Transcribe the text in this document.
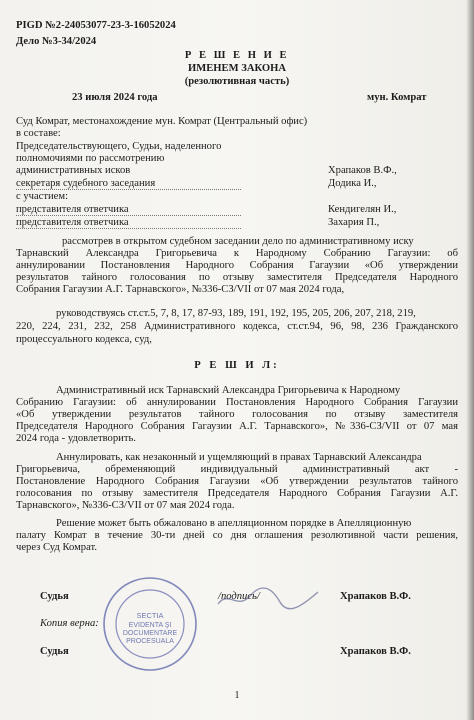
PIGD №2-24053077-23-3-16052024
Дело №3-34/2024
Р Е Ш Е Н И Е
ИМЕНЕМ ЗАКОНА
(резолютивная часть)
23 июля 2024 года	мун. Комрат
Суд Комрат, местонахождение мун. Комрат (Центральный офис)
в составе:
Председательствующего, Судьи, наделенного
полномочиями по рассмотрению
административных исков	Храпаков В.Ф.,
секретаря судебного заседания	Додика И.,
с участием:
представителя ответчика	Кендигелян И.,
представителя ответчика	Захария П.,
рассмотрев в открытом судебном заседании дело по административному иску
Тарнавский Александра Григорьевича к Народному Собранию Гагаузии: об
аннулировании Постановления Народного Собрания Гагаузии «Об утверждении
результатов тайного голосования по отзыву заместителя Председателя Народного
Собрания Гагаузии А.Г. Тарнавского», №336-СЗ/VII от 07 мая 2024 года,
руководствуясь ст.ст.5, 7, 8, 17, 87-93, 189, 191, 192, 195, 205, 206, 207, 218, 219,
220, 224, 231, 232, 258 Административного кодекса, ст.ст.94, 96, 98, 236 Гражданского
процессуального кодекса, суд,
Р Е Ш И Л:
Административный иск Тарнавский Александра Григорьевича к Народному
Собранию Гагаузии: об аннулировании Постановления Народного Собрания Гагаузии
«Об утверждении результатов тайного голосования по отзыву заместителя
Председателя Народного Собрания Гагаузии А.Г. Тарнавского», №336-СЗ/VII от 07 мая
2024 года - удовлетворить.
Аннулировать, как незаконный и ущемляющий в правах Тарнавский Александра
Григорьевича, обременяющий индивидуальный административный акт -
Постановление Народного Собрания Гагаузии «Об утверждении результатов тайного
голосования по отзыву заместителя Председателя Народного Собрания Гагаузии А.Г.
Тарнавского», №336-СЗ/VII от 07 мая 2024 года.
Решение может быть обжаловано в апелляционном порядке в Апелляционную
палату Комрат в течение 30-ти дней со дня оглашения резолютивной части решения,
через Суд Комрат.
Судья	/подпись/	Храпаков В.Ф.
Копия верна:
Судья	Храпаков В.Ф.
SECTIA
EVIDENTA ŞI
DOCUMENTARE
PROCESUALA
1
